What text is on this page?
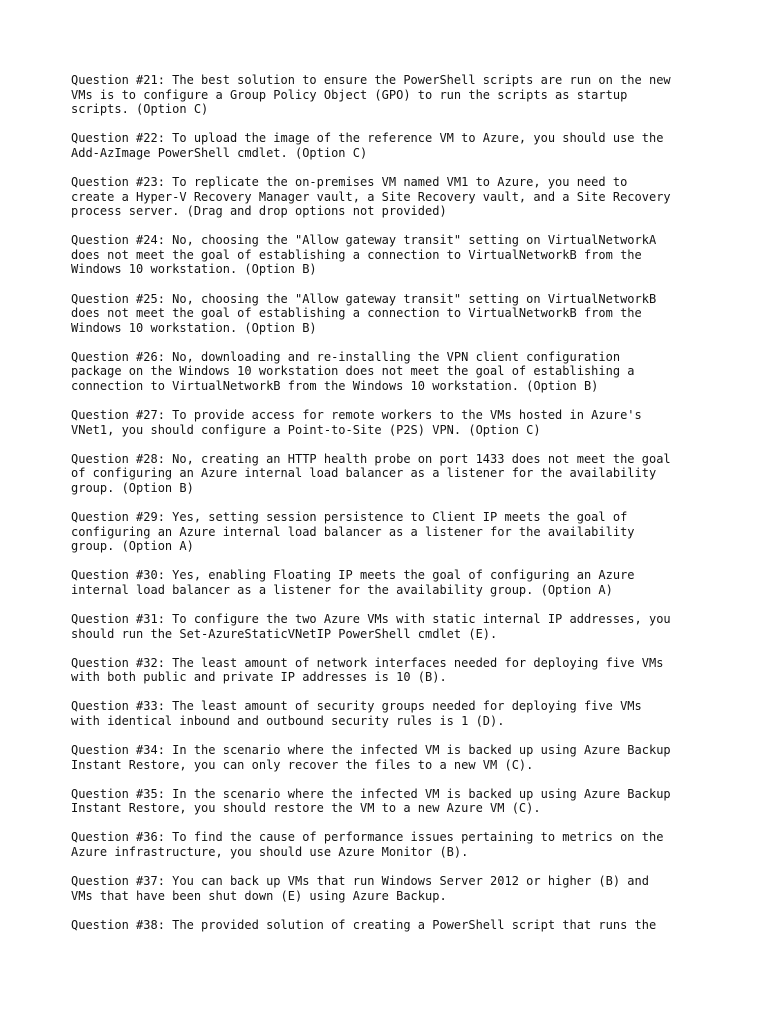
Question #21: The best solution to ensure the PowerShell scripts are run on the new
VMs is to configure a Group Policy Object (GPO) to run the scripts as startup
scripts. (Option C)

Question #22: To upload the image of the reference VM to Azure, you should use the
Add-AzImage PowerShell cmdlet. (Option C)

Question #23: To replicate the on-premises VM named VM1 to Azure, you need to
create a Hyper-V Recovery Manager vault, a Site Recovery vault, and a Site Recovery
process server. (Drag and drop options not provided)

Question #24: No, choosing the "Allow gateway transit" setting on VirtualNetworkA
does not meet the goal of establishing a connection to VirtualNetworkB from the
Windows 10 workstation. (Option B)

Question #25: No, choosing the "Allow gateway transit" setting on VirtualNetworkB
does not meet the goal of establishing a connection to VirtualNetworkB from the
Windows 10 workstation. (Option B)

Question #26: No, downloading and re-installing the VPN client configuration
package on the Windows 10 workstation does not meet the goal of establishing a
connection to VirtualNetworkB from the Windows 10 workstation. (Option B)

Question #27: To provide access for remote workers to the VMs hosted in Azure's
VNet1, you should configure a Point-to-Site (P2S) VPN. (Option C)

Question #28: No, creating an HTTP health probe on port 1433 does not meet the goal
of configuring an Azure internal load balancer as a listener for the availability
group. (Option B)

Question #29: Yes, setting session persistence to Client IP meets the goal of
configuring an Azure internal load balancer as a listener for the availability
group. (Option A)

Question #30: Yes, enabling Floating IP meets the goal of configuring an Azure
internal load balancer as a listener for the availability group. (Option A)

Question #31: To configure the two Azure VMs with static internal IP addresses, you
should run the Set-AzureStaticVNetIP PowerShell cmdlet (E).

Question #32: The least amount of network interfaces needed for deploying five VMs
with both public and private IP addresses is 10 (B).

Question #33: The least amount of security groups needed for deploying five VMs
with identical inbound and outbound security rules is 1 (D).

Question #34: In the scenario where the infected VM is backed up using Azure Backup
Instant Restore, you can only recover the files to a new VM (C).

Question #35: In the scenario where the infected VM is backed up using Azure Backup
Instant Restore, you should restore the VM to a new Azure VM (C).

Question #36: To find the cause of performance issues pertaining to metrics on the
Azure infrastructure, you should use Azure Monitor (B).

Question #37: You can back up VMs that run Windows Server 2012 or higher (B) and
VMs that have been shut down (E) using Azure Backup.

Question #38: The provided solution of creating a PowerShell script that runs the
